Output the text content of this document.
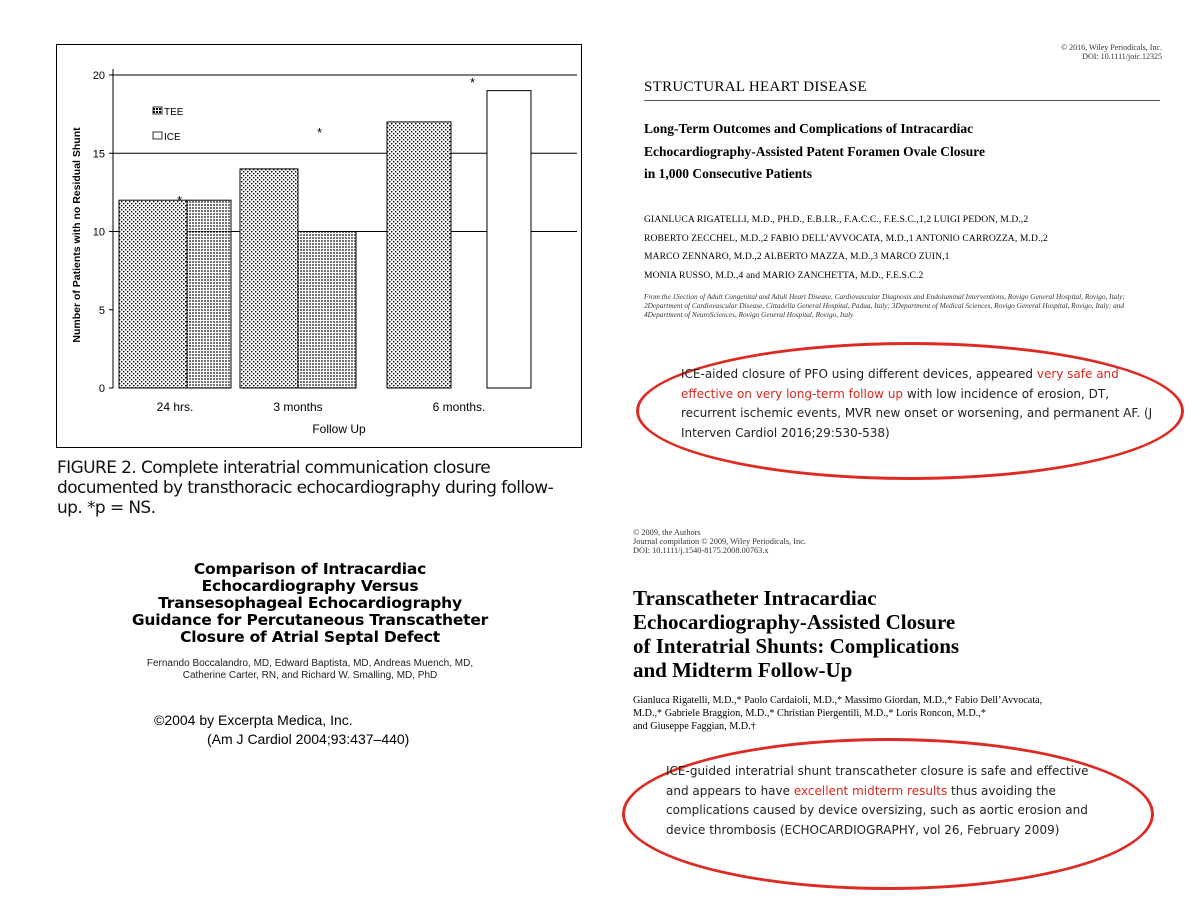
0
5
10
15
20
24 hrs.	3 months	6 months.
*
*
*
TEE
ICE
Follow Up
Number of Patients with no Residual Shunt
FIGURE 2. Complete interatrial communication closure documented by transthoracic echocardiography during follow-up. *p = NS.
Comparison of Intracardiac
Echocardiography Versus
Transesophageal Echocardiography
Guidance for Percutaneous Transcatheter
Closure of Atrial Septal Defect
Fernando Boccalandro, MD, Edward Baptista, MD, Andreas Muench, MD,
Catherine Carter, RN, and Richard W. Smalling, MD, PhD
©2004 by Excerpta Medica, Inc.
(Am J Cardiol 2004;93:437–440)
© 2016, Wiley Periodicals, Inc.
DOI: 10.1111/joic.12325
STRUCTURAL HEART DISEASE
Long-Term Outcomes and Complications of Intracardiac
Echocardiography-Assisted Patent Foramen Ovale Closure
in 1,000 Consecutive Patients
GIANLUCA RIGATELLI, M.D., PH.D., E.B.I.R., F.A.C.C., F.E.S.C.,1,2 LUIGI PEDON, M.D.,2
ROBERTO ZECCHEL, M.D.,2 FABIO DELL’AVVOCATA, M.D.,1 ANTONIO CARROZZA, M.D.,2
MARCO ZENNARO, M.D.,2 ALBERTO MAZZA, M.D.,3 MARCO ZUIN,1
MONIA RUSSO, M.D.,4 and MARIO ZANCHETTA, M.D., F.E.S.C.2
From the 1Section of Adult Congenital and Adult Heart Disease, Cardiovascular Diagnosis and Endoluminal Interventions, Rovigo General Hospital, Rovigo, Italy; 2Department of Cardiovascular Disease, Cittadella General Hospital, Padua, Italy; 3Department of Medical Sciences, Rovigo General Hospital, Rovigo, Italy; and 4Department of NeuroSciences, Rovigo General Hospital, Rovigo, Italy
ICE-aided closure of PFO using different devices, appeared very safe and effective on very long-term follow up with low incidence of erosion, DT, recurrent ischemic events, MVR new onset or worsening, and permanent AF. (J Interven Cardiol 2016;29:530-538)
© 2009, the Authors
Journal compilation © 2009, Wiley Periodicals, Inc.
DOI: 10.1111/j.1540-8175.2008.00763.x
Transcatheter Intracardiac
Echocardiography-Assisted Closure
of Interatrial Shunts: Complications
and Midterm Follow-Up
Gianluca Rigatelli, M.D.,* Paolo Cardaioli, M.D.,* Massimo Giordan, M.D.,* Fabio Dell’Avvocata,
M.D.,* Gabriele Braggion, M.D.,* Christian Piergentili, M.D.,* Loris Roncon, M.D.,*
and Giuseppe Faggian, M.D.†
ICE-guided interatrial shunt transcatheter closure is safe and effective and appears to have excellent midterm results thus avoiding the complications caused by device oversizing, such as aortic erosion and device thrombosis (ECHOCARDIOGRAPHY, vol 26, February 2009)
